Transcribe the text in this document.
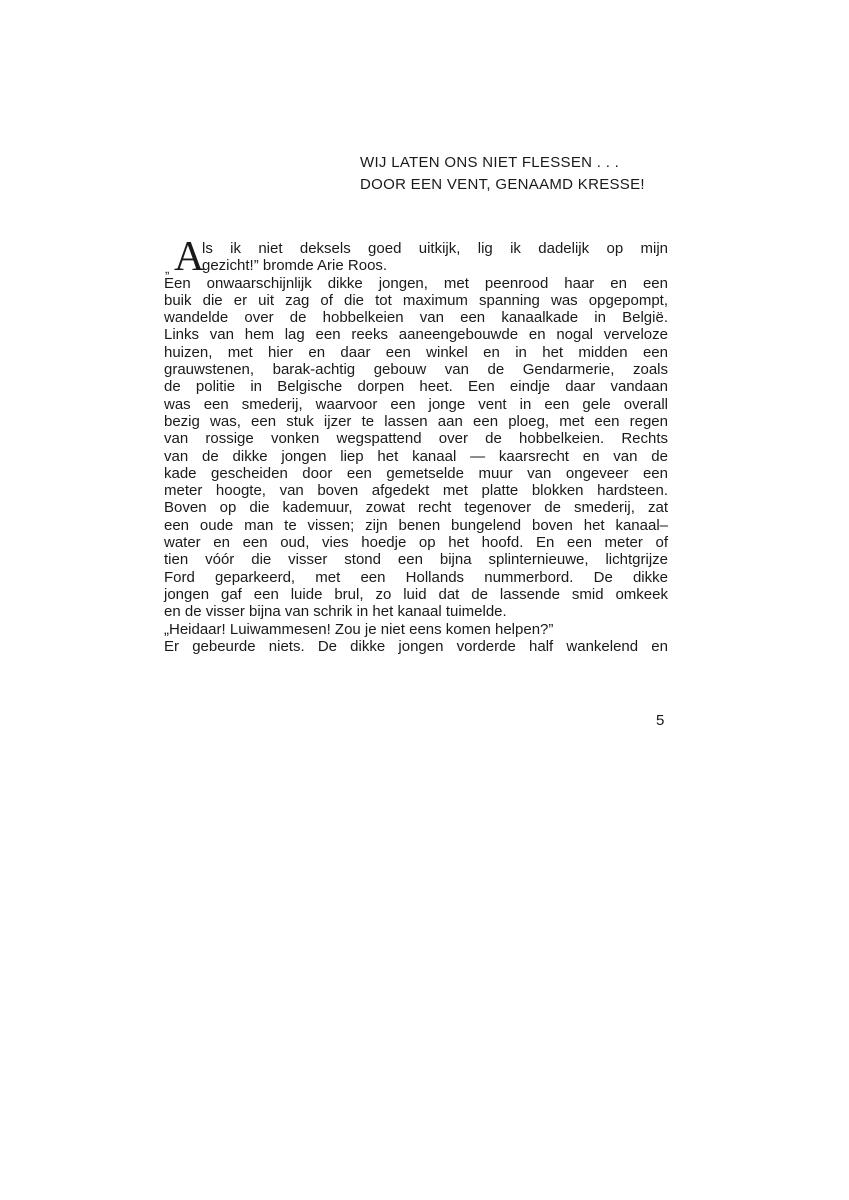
WIJ LATEN ONS NIET FLESSEN . . .
DOOR EEN VENT, GENAAMD KRESSE!
A
„
ls ik niet deksels goed uitkijk, lig ik dadelijk op mijn
gezicht!” bromde Arie Roos.
Een onwaarschijnlijk dikke jongen, met peenrood haar en een
buik die er uit zag of die tot maximum spanning was opgepompt,
wandelde over de hobbelkeien van een kanaalkade in België.
Links van hem lag een reeks aaneengebouwde en nogal verveloze
huizen, met hier en daar een winkel en in het midden een
grauwstenen, barak-achtig gebouw van de Gendarmerie, zoals
de politie in Belgische dorpen heet. Een eindje daar vandaan
was een smederij, waarvoor een jonge vent in een gele overall
bezig was, een stuk ijzer te lassen aan een ploeg, met een regen
van rossige vonken wegspattend over de hobbelkeien. Rechts
van de dikke jongen liep het kanaal — kaarsrecht en van de
kade gescheiden door een gemetselde muur van ongeveer een
meter hoogte, van boven afgedekt met platte blokken hardsteen.
Boven op die kademuur, zowat recht tegenover de smederij, zat
een oude man te vissen; zijn benen bungelend boven het kanaal–
water en een oud, vies hoedje op het hoofd. En een meter of
tien vóór die visser stond een bijna splinternieuwe, lichtgrijze
Ford geparkeerd, met een Hollands nummerbord. De dikke
jongen gaf een luide brul, zo luid dat de lassende smid omkeek
en de visser bijna van schrik in het kanaal tuimelde.
„Heidaar! Luiwammesen! Zou je niet eens komen helpen?”
Er gebeurde niets. De dikke jongen vorderde half wankelend en
5
